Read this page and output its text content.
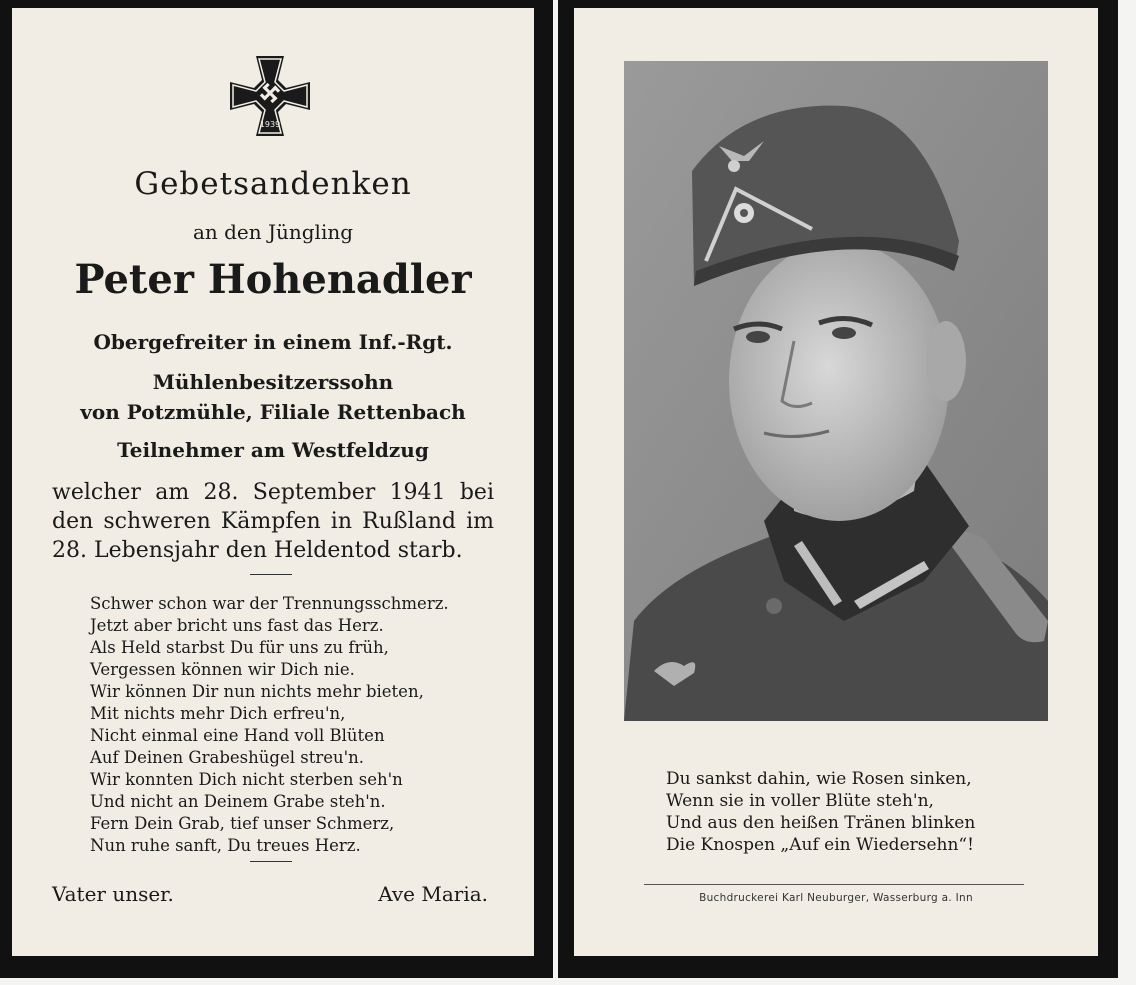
1939
Gebetsandenken
an den Jüngling
Peter Hohenadler
Obergefreiter in einem Inf.-Rgt.
Mühlenbesitzerssohn
von Potzmühle, Filiale Rettenbach
Teilnehmer am Westfeldzug
welcher am 28. September 1941 bei den schweren Kämpfen in Rußland im 28. Lebensjahr den Heldentod starb.
Schwer schon war der Trennungsschmerz.
Jetzt aber bricht uns fast das Herz.
Als Held starbst Du für uns zu früh,
Vergessen können wir Dich nie.
Wir können Dir nun nichts mehr bieten,
Mit nichts mehr Dich erfreu'n,
Nicht einmal eine Hand voll Blüten
Auf Deinen Grabeshügel streu'n.
Wir konnten Dich nicht sterben seh'n
Und nicht an Deinem Grabe steh'n.
Fern Dein Grab, tief unser Schmerz,
Nun ruhe sanft, Du treues Herz.
Vater unser.	Ave Maria.
Du sankst dahin, wie Rosen sinken,
Wenn sie in voller Blüte steh'n,
Und aus den heißen Tränen blinken
Die Knospen „Auf ein Wiedersehn“!
Buchdruckerei Karl Neuburger, Wasserburg a. Inn
